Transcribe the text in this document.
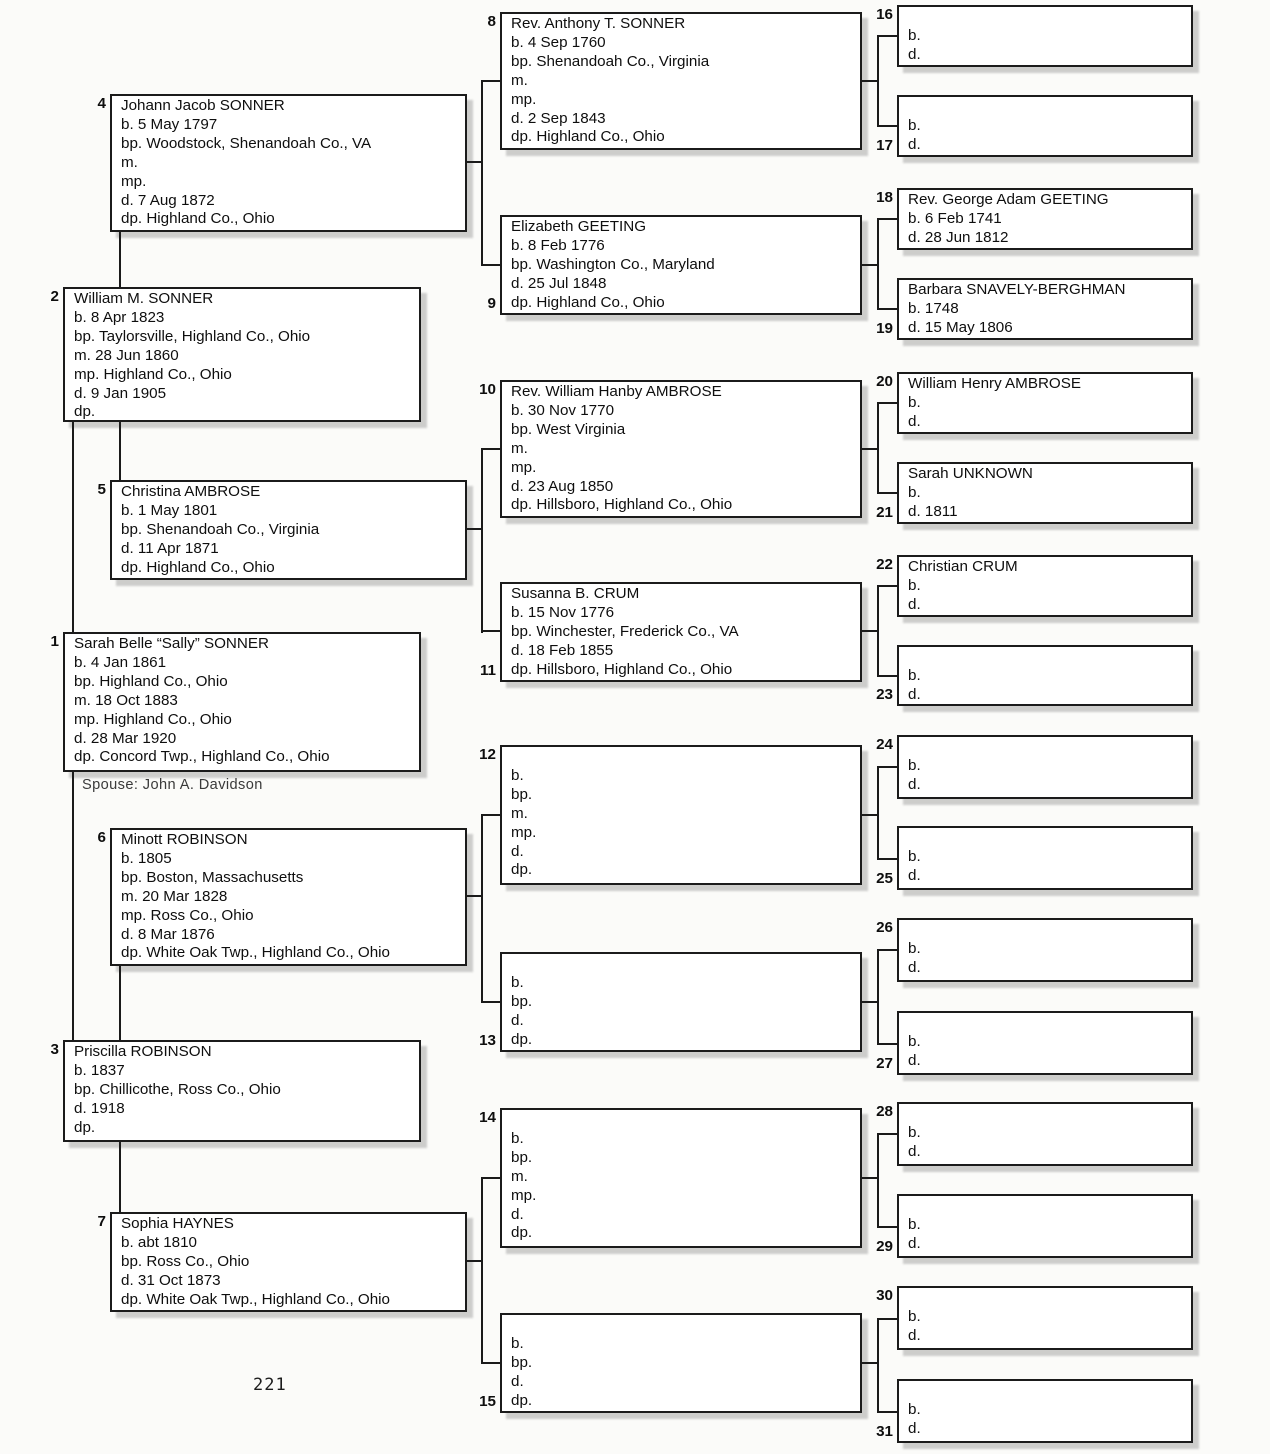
Spouse: John A. Davidson
221
1 Sarah Belle “Sally” SONNER
b. 4 Jan 1861
bp. Highland Co., Ohio
m. 18 Oct 1883
mp. Highland Co., Ohio
d. 28 Mar 1920
dp. Concord Twp., Highland Co., Ohio
2 William M. SONNER
b. 8 Apr 1823
bp. Taylorsville, Highland Co., Ohio
m. 28 Jun 1860
mp. Highland Co., Ohio
d. 9 Jan 1905
dp.
3 Priscilla ROBINSON
b. 1837
bp. Chillicothe, Ross Co., Ohio
d. 1918
dp.
4 Johann Jacob SONNER
b. 5 May 1797
bp. Woodstock, Shenandoah Co., VA
m.
mp.
d. 7 Aug 1872
dp. Highland Co., Ohio
5 Christina AMBROSE
b. 1 May 1801
bp. Shenandoah Co., Virginia
d. 11 Apr 1871
dp. Highland Co., Ohio
6 Minott ROBINSON
b. 1805
bp. Boston, Massachusetts
m. 20 Mar 1828
mp. Ross Co., Ohio
d. 8 Mar 1876
dp. White Oak Twp., Highland Co., Ohio
7 Sophia HAYNES
b. abt 1810
bp. Ross Co., Ohio
d. 31 Oct 1873
dp. White Oak Twp., Highland Co., Ohio
8 Rev. Anthony T. SONNER
b. 4 Sep 1760
bp. Shenandoah Co., Virginia
m.
mp.
d. 2 Sep 1843
dp. Highland Co., Ohio
9
Elizabeth GEETING
b. 8 Feb 1776
bp. Washington Co., Maryland
d. 25 Jul 1848
dp. Highland Co., Ohio
10 Rev. William Hanby AMBROSE
b. 30 Nov 1770
bp. West Virginia
m.
mp.
d. 23 Aug 1850
dp. Hillsboro, Highland Co., Ohio
11
Susanna B. CRUM
b. 15 Nov 1776
bp. Winchester, Frederick Co., VA
d. 18 Feb 1855
dp. Hillsboro, Highland Co., Ohio
12
b.
bp.
m.
mp.
d.
dp.
13
b.
bp.
d.
dp.
14
b.
bp.
m.
mp.
d.
dp.
15
b.
bp.
d.
dp.
16
b.
d.
17
b.
d.
18 Rev. George Adam GEETING
b. 6 Feb 1741
d. 28 Jun 1812
19
Barbara SNAVELY-BERGHMAN
b. 1748
d. 15 May 1806
20 William Henry AMBROSE
b.
d.
21
Sarah UNKNOWN
b.
d. 1811
22 Christian CRUM
b.
d.
23
b.
d.
24
b.
d.
25
b.
d.
26
b.
d.
27
b.
d.
28
b.
d.
29
b.
d.
30
b.
d.
31
b.
d.
